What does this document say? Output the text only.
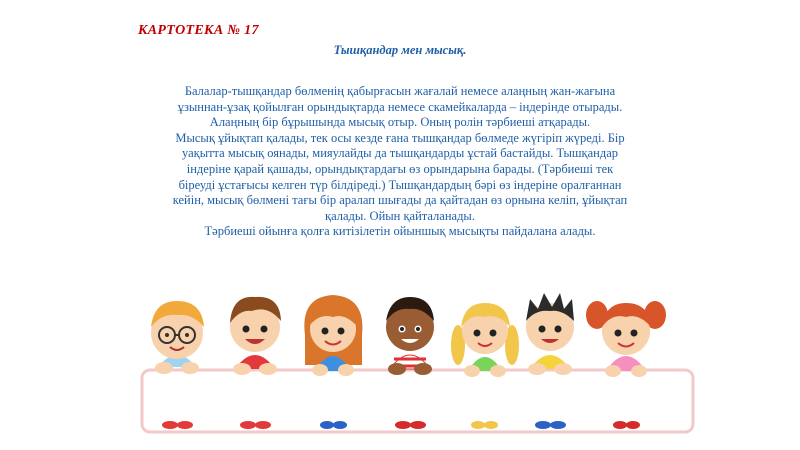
КАРТОТЕКА № 17
Тышқандар мен мысық.
Балалар-тышқандар бөлменің қабырғасын жағалай немесе алаңның жан-жағына
ұзыннан-ұзақ қойылған орындықтарда немесе скамейкаларда – індерінде отырады.
Алаңның бір бұрышында мысық отыр. Оның ролін тәрбиеші атқарады.
Мысық ұйықтап қалады, тек осы кезде ғана тышқандар бөлмеде жүгіріп жүреді. Бір
уақытта мысық оянады, мияулайды да тышқандарды ұстай бастайды. Тышқандар
індеріне қарай қашады, орындықтардағы өз орындарына барады. (Тәрбиеші тек
біреуді ұстағысы келген түр білдіреді.) Тышқандардың бәрі өз індеріне оралғаннан
кейін, мысық бөлмені тағы бір аралап шығады да қайтадан өз орнына келіп, ұйықтап
қалады. Ойын қайталанады.
Тәрбиеші ойынға қолға китізілетін ойыншық мысықты пайдалана алады.
